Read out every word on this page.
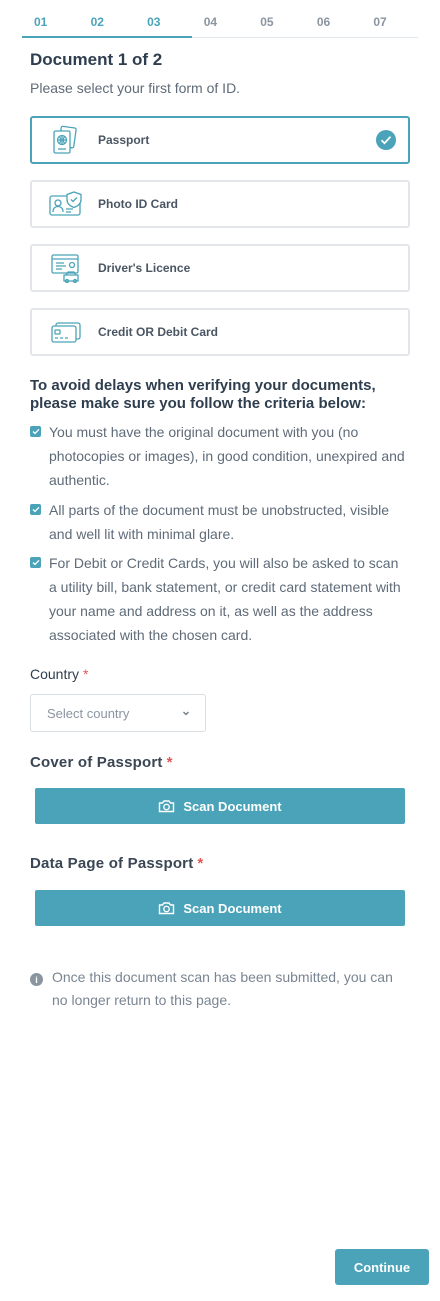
01	02	03	04	05	06	07
Document 1 of 2
Please select your first form of ID.
Passport
Photo ID Card
Driver's Licence
Credit OR Debit Card
To avoid delays when verifying your documents, please make sure you follow the criteria below:
You must have the original document with you (no photocopies or images), in good condition, unexpired and authentic.
All parts of the document must be unobstructed, visible and well lit with minimal glare.
For Debit or Credit Cards, you will also be asked to scan a utility bill, bank statement, or credit card statement with your name and address on it, as well as the address associated with the chosen card.
Country *
Select country
Cover of Passport *
Scan Document
Data Page of Passport *
Scan Document
i	Once this document scan has been submitted, you can no longer return to this page.
Continue
